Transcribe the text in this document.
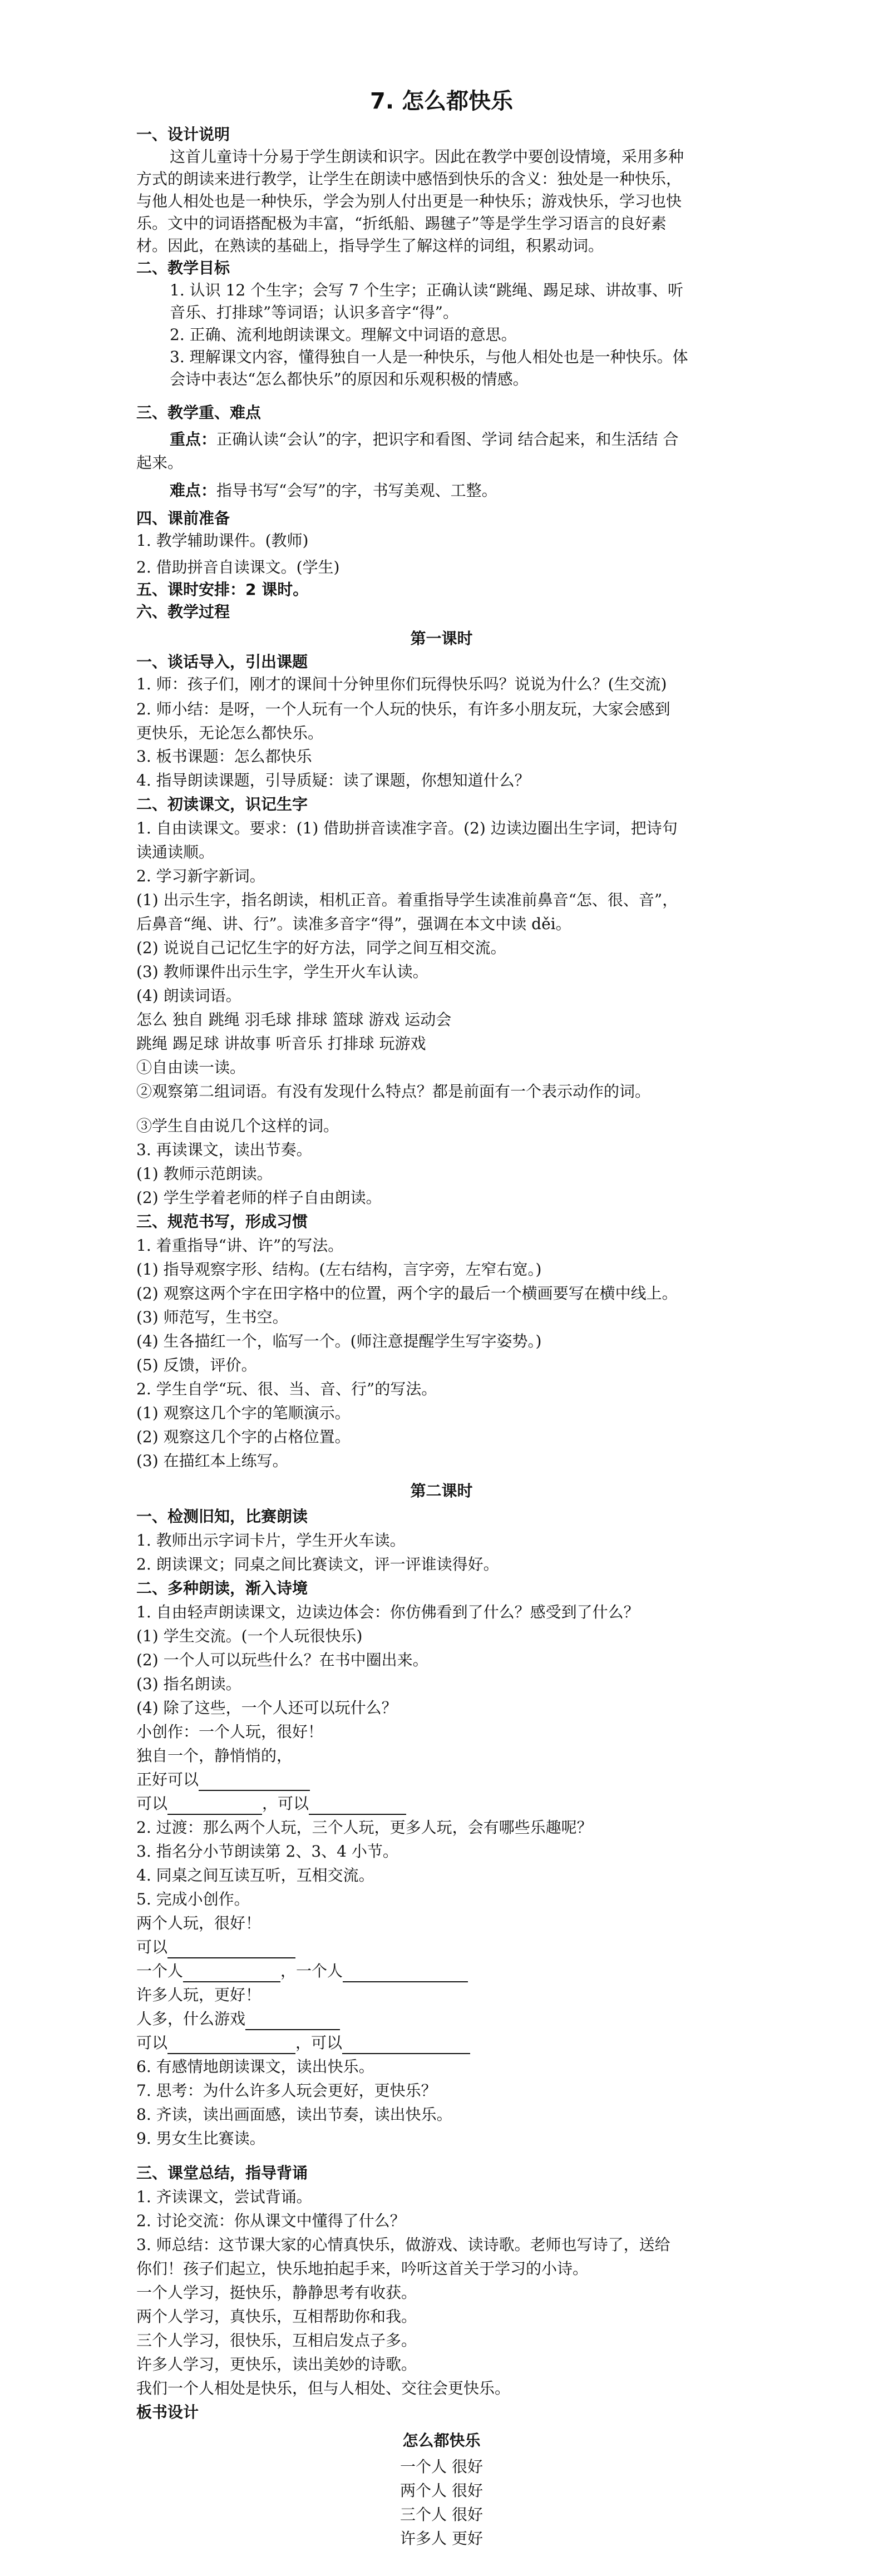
7. 怎么都快乐
一、设计说明
这首儿童诗十分易于学生朗读和识字。因此在教学中要创设情境，采用多种
方式的朗读来进行教学，让学生在朗读中感悟到快乐的含义：独处是一种快乐，
与他人相处也是一种快乐，学会为别人付出更是一种快乐；游戏快乐，学习也快
乐。文中的词语搭配极为丰富，“折纸船、踢毽子”等是学生学习语言的良好素
材。因此，在熟读的基础上，指导学生了解这样的词组，积累动词。
二、教学目标
1. 认识 12 个生字；会写 7 个生字；正确认读“跳绳、踢足球、讲故事、听
音乐、打排球”等词语；认识多音字“得”。
2. 正确、流利地朗读课文。理解文中词语的意思。
3. 理解课文内容，懂得独自一人是一种快乐，与他人相处也是一种快乐。体
会诗中表达“怎么都快乐”的原因和乐观积极的情感。
三、教学重、难点
重点：正确认读“会认”的字，把识字和看图、学词 结合起来，和生活结 合
起来。
难点：指导书写“会写”的字，书写美观、工整。
四、课前准备
1. 教学辅助课件。(教师)
2. 借助拼音自读课文。(学生)
五、课时安排：2 课时。
六、教学过程
第一课时
一、谈话导入，引出课题
1. 师：孩子们，刚才的课间十分钟里你们玩得快乐吗？说说为什么？(生交流)
2. 师小结：是呀，一个人玩有一个人玩的快乐，有许多小朋友玩，大家会感到
更快乐，无论怎么都快乐。
3. 板书课题：怎么都快乐
4. 指导朗读课题，引导质疑：读了课题，你想知道什么？
二、初读课文，识记生字
1. 自由读课文。要求：(1) 借助拼音读准字音。(2) 边读边圈出生字词，把诗句
读通读顺。
2. 学习新字新词。
(1) 出示生字，指名朗读，相机正音。着重指导学生读准前鼻音“怎、很、音”，
后鼻音“绳、讲、行”。读准多音字“得”，强调在本文中读 děi。
(2) 说说自己记忆生字的好方法，同学之间互相交流。
(3) 教师课件出示生字，学生开火车认读。
(4) 朗读词语。
怎么 独自 跳绳 羽毛球 排球 篮球 游戏 运动会
跳绳 踢足球 讲故事 听音乐 打排球 玩游戏
①自由读一读。
②观察第二组词语。有没有发现什么特点？都是前面有一个表示动作的词。
③学生自由说几个这样的词。
3. 再读课文，读出节奏。
(1) 教师示范朗读。
(2) 学生学着老师的样子自由朗读。
三、规范书写，形成习惯
1. 着重指导“讲、许”的写法。
(1) 指导观察字形、结构。(左右结构，言字旁，左窄右宽。)
(2) 观察这两个字在田字格中的位置，两个字的最后一个横画要写在横中线上。
(3) 师范写，生书空。
(4) 生各描红一个，临写一个。(师注意提醒学生写字姿势。)
(5) 反馈，评价。
2. 学生自学“玩、很、当、音、行”的写法。
(1) 观察这几个字的笔顺演示。
(2) 观察这几个字的占格位置。
(3) 在描红本上练写。
第二课时
一、检测旧知，比赛朗读
1. 教师出示字词卡片，学生开火车读。
2. 朗读课文；同桌之间比赛读文，评一评谁读得好。
二、多种朗读，渐入诗境
1. 自由轻声朗读课文，边读边体会：你仿佛看到了什么？感受到了什么？
(1) 学生交流。(一个人玩很快乐)
(2) 一个人可以玩些什么？在书中圈出来。
(3) 指名朗读。
(4) 除了这些，一个人还可以玩什么？
小创作：一个人玩，很好！
独自一个，静悄悄的，
正好可以
可以	，可以
2. 过渡：那么两个人玩，三个人玩，更多人玩，会有哪些乐趣呢？
3. 指名分小节朗读第 2、3、4 小节。
4. 同桌之间互读互听，互相交流。
5. 完成小创作。
两个人玩，很好！
可以
一个人	，一个人
许多人玩，更好！
人多，什么游戏
可以	，可以
6. 有感情地朗读课文，读出快乐。
7. 思考：为什么许多人玩会更好，更快乐？
8. 齐读，读出画面感，读出节奏，读出快乐。
9. 男女生比赛读。
三、课堂总结，指导背诵
1. 齐读课文，尝试背诵。
2. 讨论交流：你从课文中懂得了什么？
3. 师总结：这节课大家的心情真快乐，做游戏、读诗歌。老师也写诗了，送给
你们！孩子们起立，快乐地拍起手来，吟听这首关于学习的小诗。
一个人学习，挺快乐，静静思考有收获。
两个人学习，真快乐，互相帮助你和我。
三个人学习，很快乐，互相启发点子多。
许多人学习，更快乐，读出美妙的诗歌。
我们一个人相处是快乐，但与人相处、交往会更快乐。
板书设计
怎么都快乐
一个人 很好
两个人 很好
三个人 很好
许多人 更好
